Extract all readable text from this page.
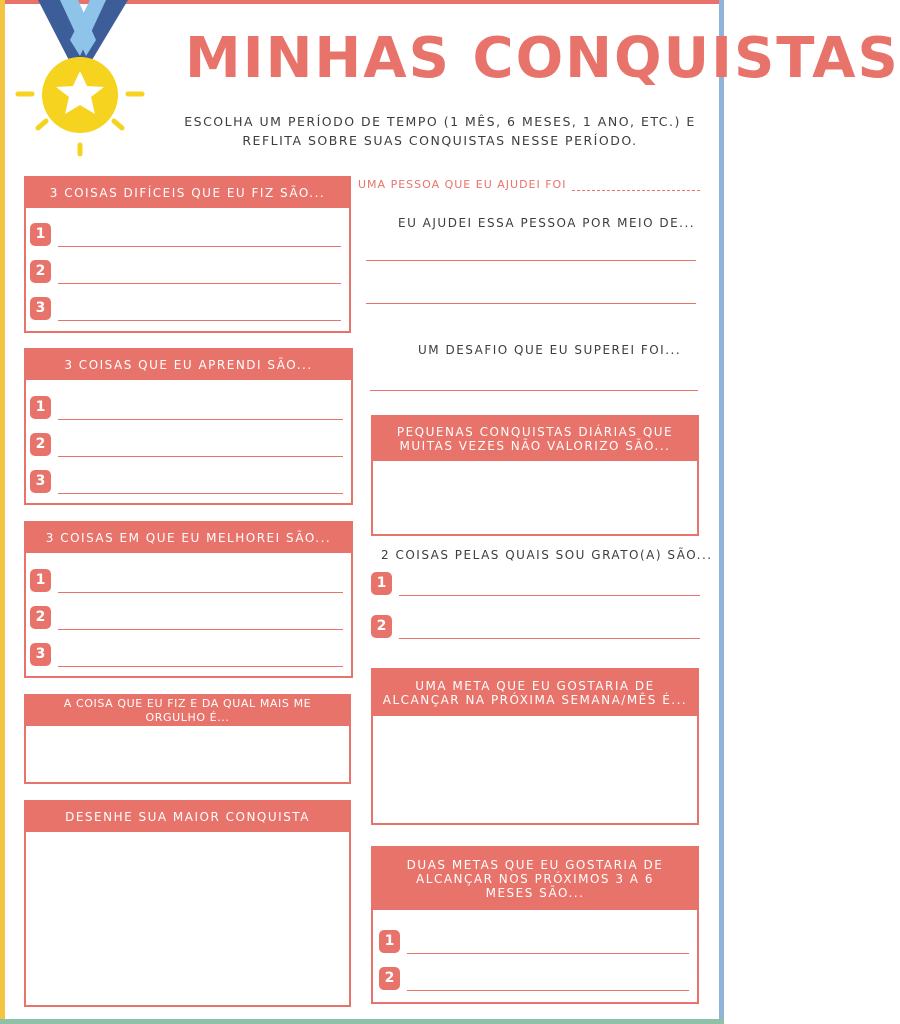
MINHAS CONQUISTAS
ESCOLHA UM PERÍODO DE TEMPO (1 MÊS, 6 MESES, 1 ANO, ETC.) E REFLITA SOBRE SUAS CONQUISTAS NESSE PERÍODO.
3 COISAS DIFÍCEIS QUE EU FIZ SÃO...
1
2
3
3 COISAS QUE EU APRENDI SÃO...
1
2
3
3 COISAS EM QUE EU MELHOREI SÃO...
1
2
3
A COISA QUE EU FIZ E DA QUAL MAIS ME ORGULHO É...
DESENHE SUA MAIOR CONQUISTA
UMA PESSOA QUE EU AJUDEI FOI
EU AJUDEI ESSA PESSOA POR MEIO DE...
UM DESAFIO QUE EU SUPEREI FOI...
PEQUENAS CONQUISTAS DIÁRIAS QUE MUITAS VEZES NÃO VALORIZO SÃO...
2 COISAS PELAS QUAIS SOU GRATO(A) SÃO...
1
2
UMA META QUE EU GOSTARIA DE ALCANÇAR NA PRÓXIMA SEMANA/MÊS É...
DUAS METAS QUE EU GOSTARIA DE ALCANÇAR NOS PRÓXIMOS 3 A 6 MESES SÃO...
1
2
